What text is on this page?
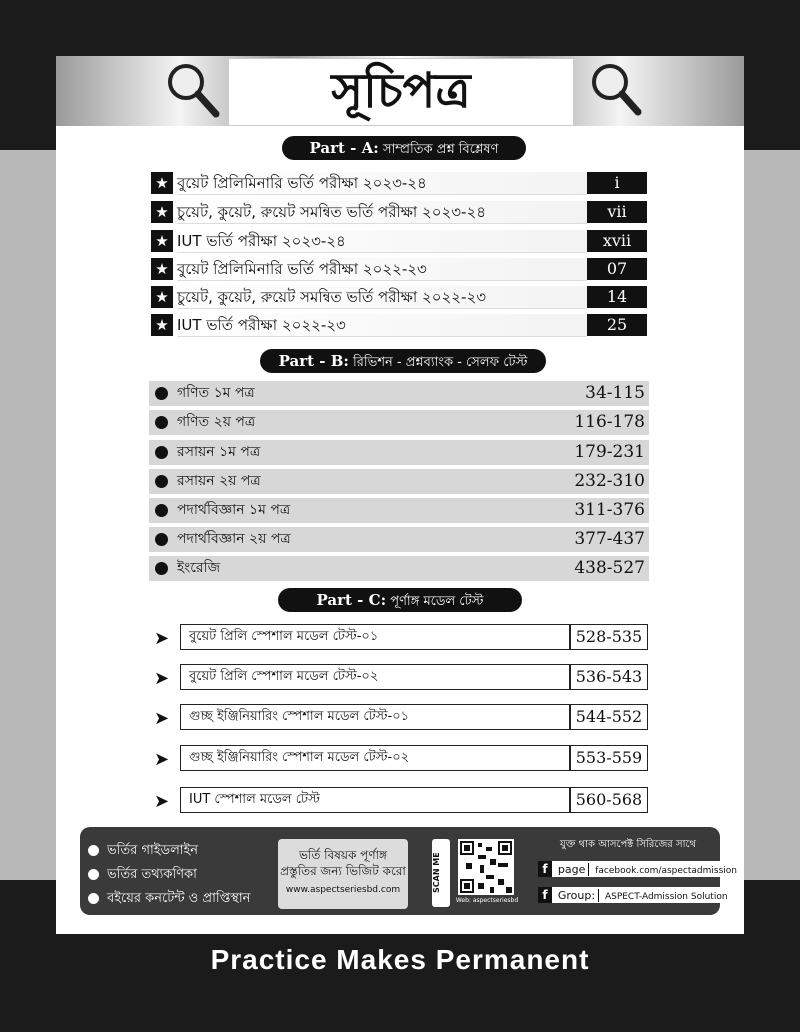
সূচিপত্র
Part - A: সাম্প্রতিক প্রশ্ন বিশ্লেষণ
★ বুয়েট প্রিলিমিনারি ভর্তি পরীক্ষা ২০২৩-২৪	i
★ চুয়েট, কুয়েট, রুয়েট সমন্বিত ভর্তি পরীক্ষা ২০২৩-২৪	vii
★ IUT ভর্তি পরীক্ষা ২০২৩-২৪	xvii
★ বুয়েট প্রিলিমিনারি ভর্তি পরীক্ষা ২০২২-২৩	07
★ চুয়েট, কুয়েট, রুয়েট সমন্বিত ভর্তি পরীক্ষা ২০২২-২৩	14
★ IUT ভর্তি পরীক্ষা ২০২২-২৩	25
Part - B: রিভিশন - প্রশ্নব্যাংক - সেলফ টেস্ট
গণিত ১ম পত্র	34-115
গণিত ২য় পত্র	116-178
রসায়ন ১ম পত্র	179-231
রসায়ন ২য় পত্র	232-310
পদার্থবিজ্ঞান ১ম পত্র	311-376
পদার্থবিজ্ঞান ২য় পত্র	377-437
ইংরেজি	438-527
Part - C: পূর্ণাঙ্গ মডেল টেস্ট
➤ বুয়েট প্রিলি স্পেশাল মডেল টেস্ট-০১	528-535
➤ বুয়েট প্রিলি স্পেশাল মডেল টেস্ট-০২	536-543
➤ গুচ্ছ ইঞ্জিনিয়ারিং স্পেশাল মডেল টেস্ট-০১	544-552
➤ গুচ্ছ ইঞ্জিনিয়ারিং স্পেশাল মডেল টেস্ট-০২	553-559
➤ IUT স্পেশাল মডেল টেস্ট	560-568
ভর্তির গাইডলাইন
ভর্তির তথ্যকণিকা
বইয়ের কনটেন্ট ও প্রাপ্তিস্থান
ভর্তি বিষয়ক পূর্ণাঙ্গ
প্রস্তুতির জন্য ভিজিট করো
www.aspectseriesbd.com	SCAN ME
Web: aspectseriesbd
যুক্ত থাক আসপেক্ট সিরিজের সাথে
f page facebook.com/aspectadmission
f Group: ASPECT-Admission Solution
Practice Makes Permanent
